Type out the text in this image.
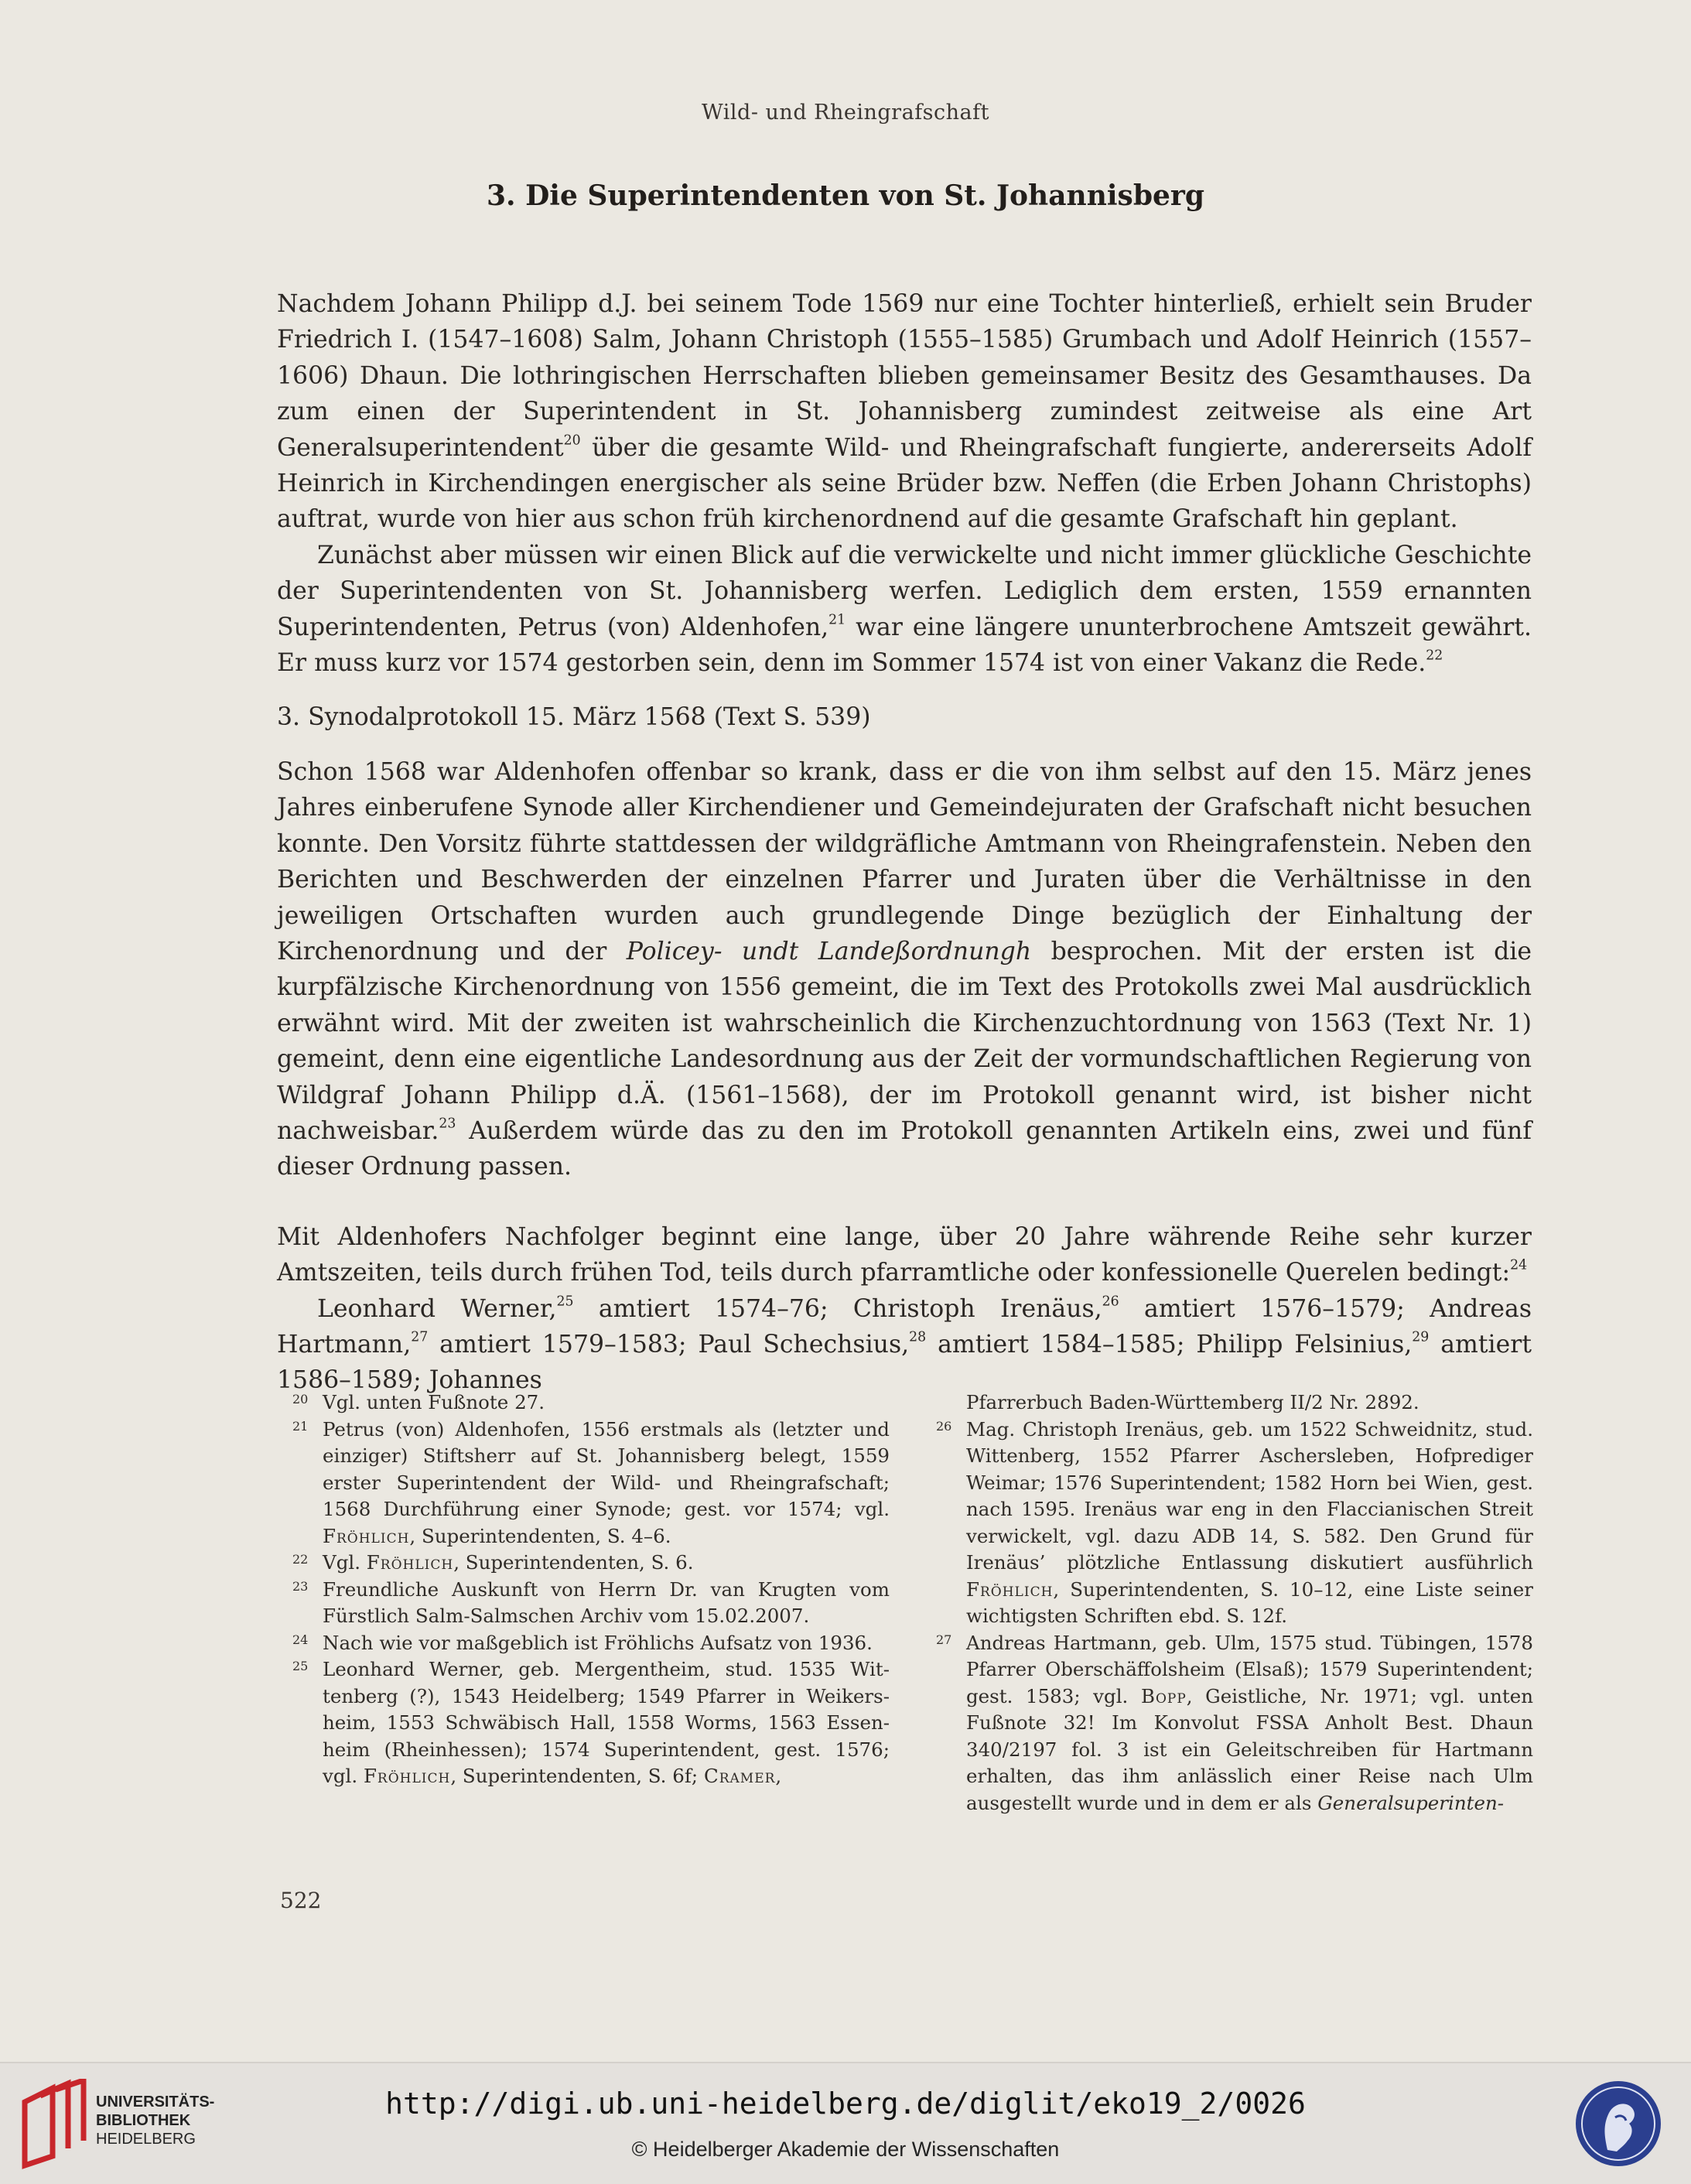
Wild- und Rheingrafschaft
3. Die Superintendenten von St. Johannisberg

Nachdem Johann Philipp d.J. bei seinem Tode 1569 nur eine Tochter hinterließ, erhielt sein Bruder Friedrich I. (1547–1608) Salm, Johann Christoph (1555–1585) Grumbach und Adolf Heinrich (1557–1606) Dhaun. Die lothringischen Herrschaften blieben gemeinsamer Besitz des Gesamthauses. Da zum einen der Superintendent in St. Johannisberg zumindest zeitweise als eine Art Generalsuperintendent$^{20}$ über die gesamte Wild- und Rheingrafschaft fungierte, andererseits Adolf Heinrich in Kirchendingen energischer als seine Brüder bzw. Neffen (die Erben Johann Christophs) auftrat, wurde von hier aus schon früh kirchenordnend auf die gesamte Grafschaft hin geplant.

Zunächst aber müssen wir einen Blick auf die verwickelte und nicht immer glückliche Geschichte der Superintendenten von St. Johannisberg werfen. Lediglich dem ersten, 1559 ernannten Superintendenten, Petrus (von) Aldenhofen,$^{21}$ war eine längere ununterbrochene Amtszeit gewährt. Er muss kurz vor 1574 gestorben sein, denn im Sommer 1574 ist von einer Vakanz die Rede.$^{22}$

3. Synodalprotokoll 15. März 1568 (Text S. 539)

Schon 1568 war Aldenhofen offenbar so krank, dass er die von ihm selbst auf den 15. März jenes Jahres einberufene Synode aller Kirchendiener und Gemeindejuraten der Grafschaft nicht besuchen konnte. Den Vorsitz führte stattdessen der wildgräfliche Amtmann von Rheingrafenstein. Neben den Berichten und Beschwerden der einzelnen Pfarrer und Juraten über die Verhältnisse in den jeweiligen Ortschaften wurden auch grundlegende Dinge bezüglich der Einhaltung der Kirchenordnung und der Policey- undt Landeßordnungh besprochen. Mit der ersten ist die kurpfälzische Kirchenordnung von 1556 gemeint, die im Text des Protokolls zwei Mal ausdrücklich erwähnt wird. Mit der zweiten ist wahrscheinlich die Kirchenzuchtordnung von 1563 (Text Nr. 1) gemeint, denn eine eigentliche Landesordnung aus der Zeit der vormundschaftlichen Regierung von Wildgraf Johann Philipp d.Ä. (1561–1568), der im Protokoll genannt wird, ist bisher nicht nachweisbar.$^{23}$ Außerdem würde das zu den im Protokoll genannten Artikeln eins, zwei und fünf dieser Ordnung passen.

Mit Aldenhofers Nachfolger beginnt eine lange, über 20 Jahre währende Reihe sehr kurzer Amtszeiten, teils durch frühen Tod, teils durch pfarramtliche oder konfessionelle Querelen bedingt:$^{24}$

Leonhard Werner,$^{25}$ amtiert 1574–76; Christoph Irenäus,$^{26}$ amtiert 1576–1579; Andreas Hartmann,$^{27}$ amtiert 1579–1583; Paul Schechsius,$^{28}$ amtiert 1584–1585; Philipp Felsinius,$^{29}$ amtiert 1586–1589; Johannes

20 Vgl. unten Fußnote 27.

21 Petrus (von) Aldenhofen, 1556 erstmals als (letzter und einziger) Stiftsherr auf St. Johannisberg belegt, 1559 erster Superintendent der Wild- und Rheingrafschaft; 1568 Durchführung einer Synode; gest. vor 1574; vgl. Fröhlich, Superintendenten, S. 4–6.

22 Vgl. Fröhlich, Superintendenten, S. 6.

23 Freundliche Auskunft von Herrn Dr. van Krugten vom Fürstlich Salm-Salmschen Archiv vom 15.02.2007.

24 Nach wie vor maßgeblich ist Fröhlichs Aufsatz von 1936.

25 Leonhard Werner, geb. Mergentheim, stud. 1535 Wittenberg (?), 1543 Heidelberg; 1549 Pfarrer in Weikersheim, 1553 Schwäbisch Hall, 1558 Worms, 1563 Essenheim (Rheinhessen); 1574 Superintendent, gest. 1576; vgl. Fröhlich, Superintendenten, S. 6f; Cramer,

Pfarrerbuch Baden-Württemberg II/2 Nr. 2892.

26 Mag. Christoph Irenäus, geb. um 1522 Schweidnitz, stud. Wittenberg, 1552 Pfarrer Aschersleben, Hofprediger Weimar; 1576 Superintendent; 1582 Horn bei Wien, gest. nach 1595. Irenäus war eng in den Flaccianischen Streit verwickelt, vgl. dazu ADB 14, S. 582. Den Grund für Irenäus’ plötzliche Entlassung diskutiert ausführlich Fröhlich, Superintendenten, S. 10–12, eine Liste seiner wichtigsten Schriften ebd. S. 12f.

27 Andreas Hartmann, geb. Ulm, 1575 stud. Tübingen, 1578 Pfarrer Oberschäffolsheim (Elsaß); 1579 Superintendent; gest. 1583; vgl. Bopp, Geistliche, Nr. 1971; vgl. unten Fußnote 32! Im Konvolut FSSA Anholt Best. Dhaun 340/2197 fol. 3 ist ein Geleitschreiben für Hartmann erhalten, das ihm anlässlich einer Reise nach Ulm ausgestellt wurde und in dem er als Generalsuperinten-

522
UNIVERSITÄTS-
BIBLIOTHEK
HEIDELBERG
http://digi.ub.uni-heidelberg.de/diglit/eko19_2/0026
© Heidelberger Akademie der Wissenschaften
